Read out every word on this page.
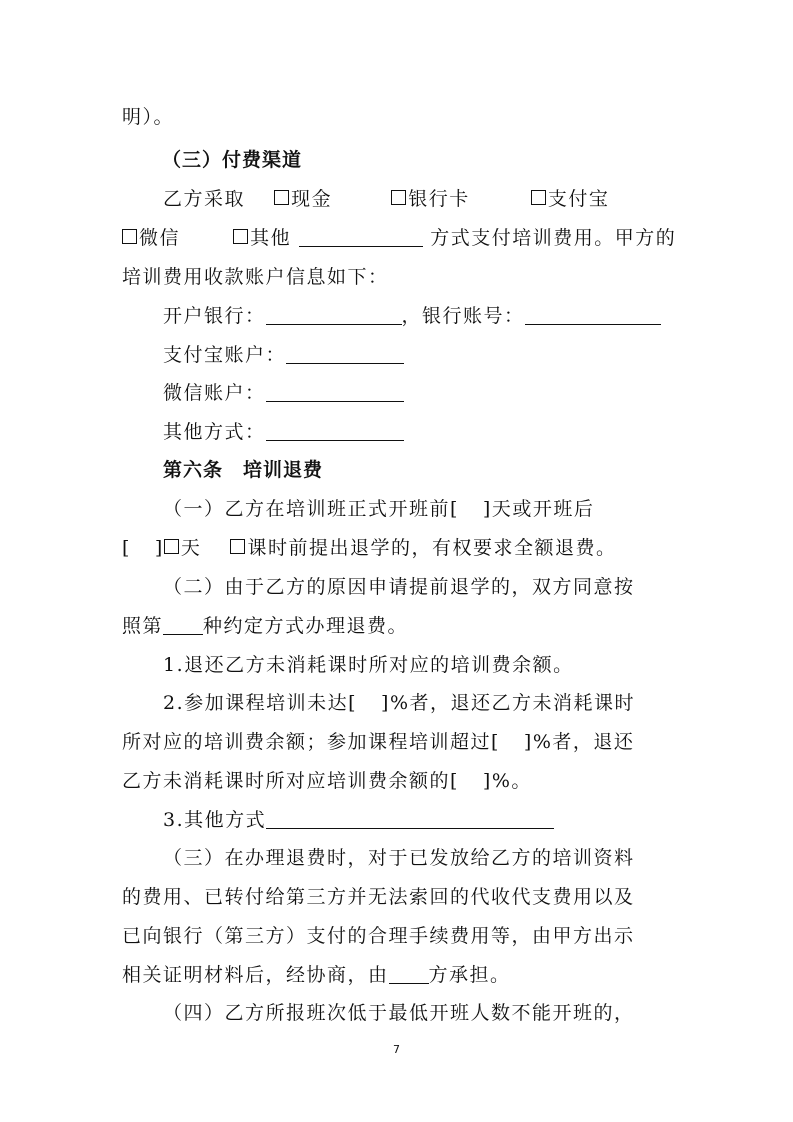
明）。
（三）付费渠道
乙方采取 现金	银行卡	支付宝
微信	其他	方式支付培训费用。甲方的
培训费用收款账户信息如下：
开户银行：	，银行账号：
支付宝账户：
微信账户：
其他方式：
第六条　培训退费
（一）乙方在培训班正式开班前[ ]天或开班后
[ ] 天 课时前提出退学的，有权要求全额退费。
（二）由于乙方的原因申请提前退学的，双方同意按
照第 种约定方式办理退费。
1.退还乙方未消耗课时所对应的培训费余额。
2.参加课程培训未达[ ]%者，退还乙方未消耗课时
所对应的培训费余额；参加课程培训超过[ ]%者，退还
乙方未消耗课时所对应培训费余额的[ ]%。
3.其他方式
（三）在办理退费时，对于已发放给乙方的培训资料
的费用、已转付给第三方并无法索回的代收代支费用以及
已向银行（第三方）支付的合理手续费用等，由甲方出示
相关证明材料后，经协商，由 方承担。
（四）乙方所报班次低于最低开班人数不能开班的，
7
